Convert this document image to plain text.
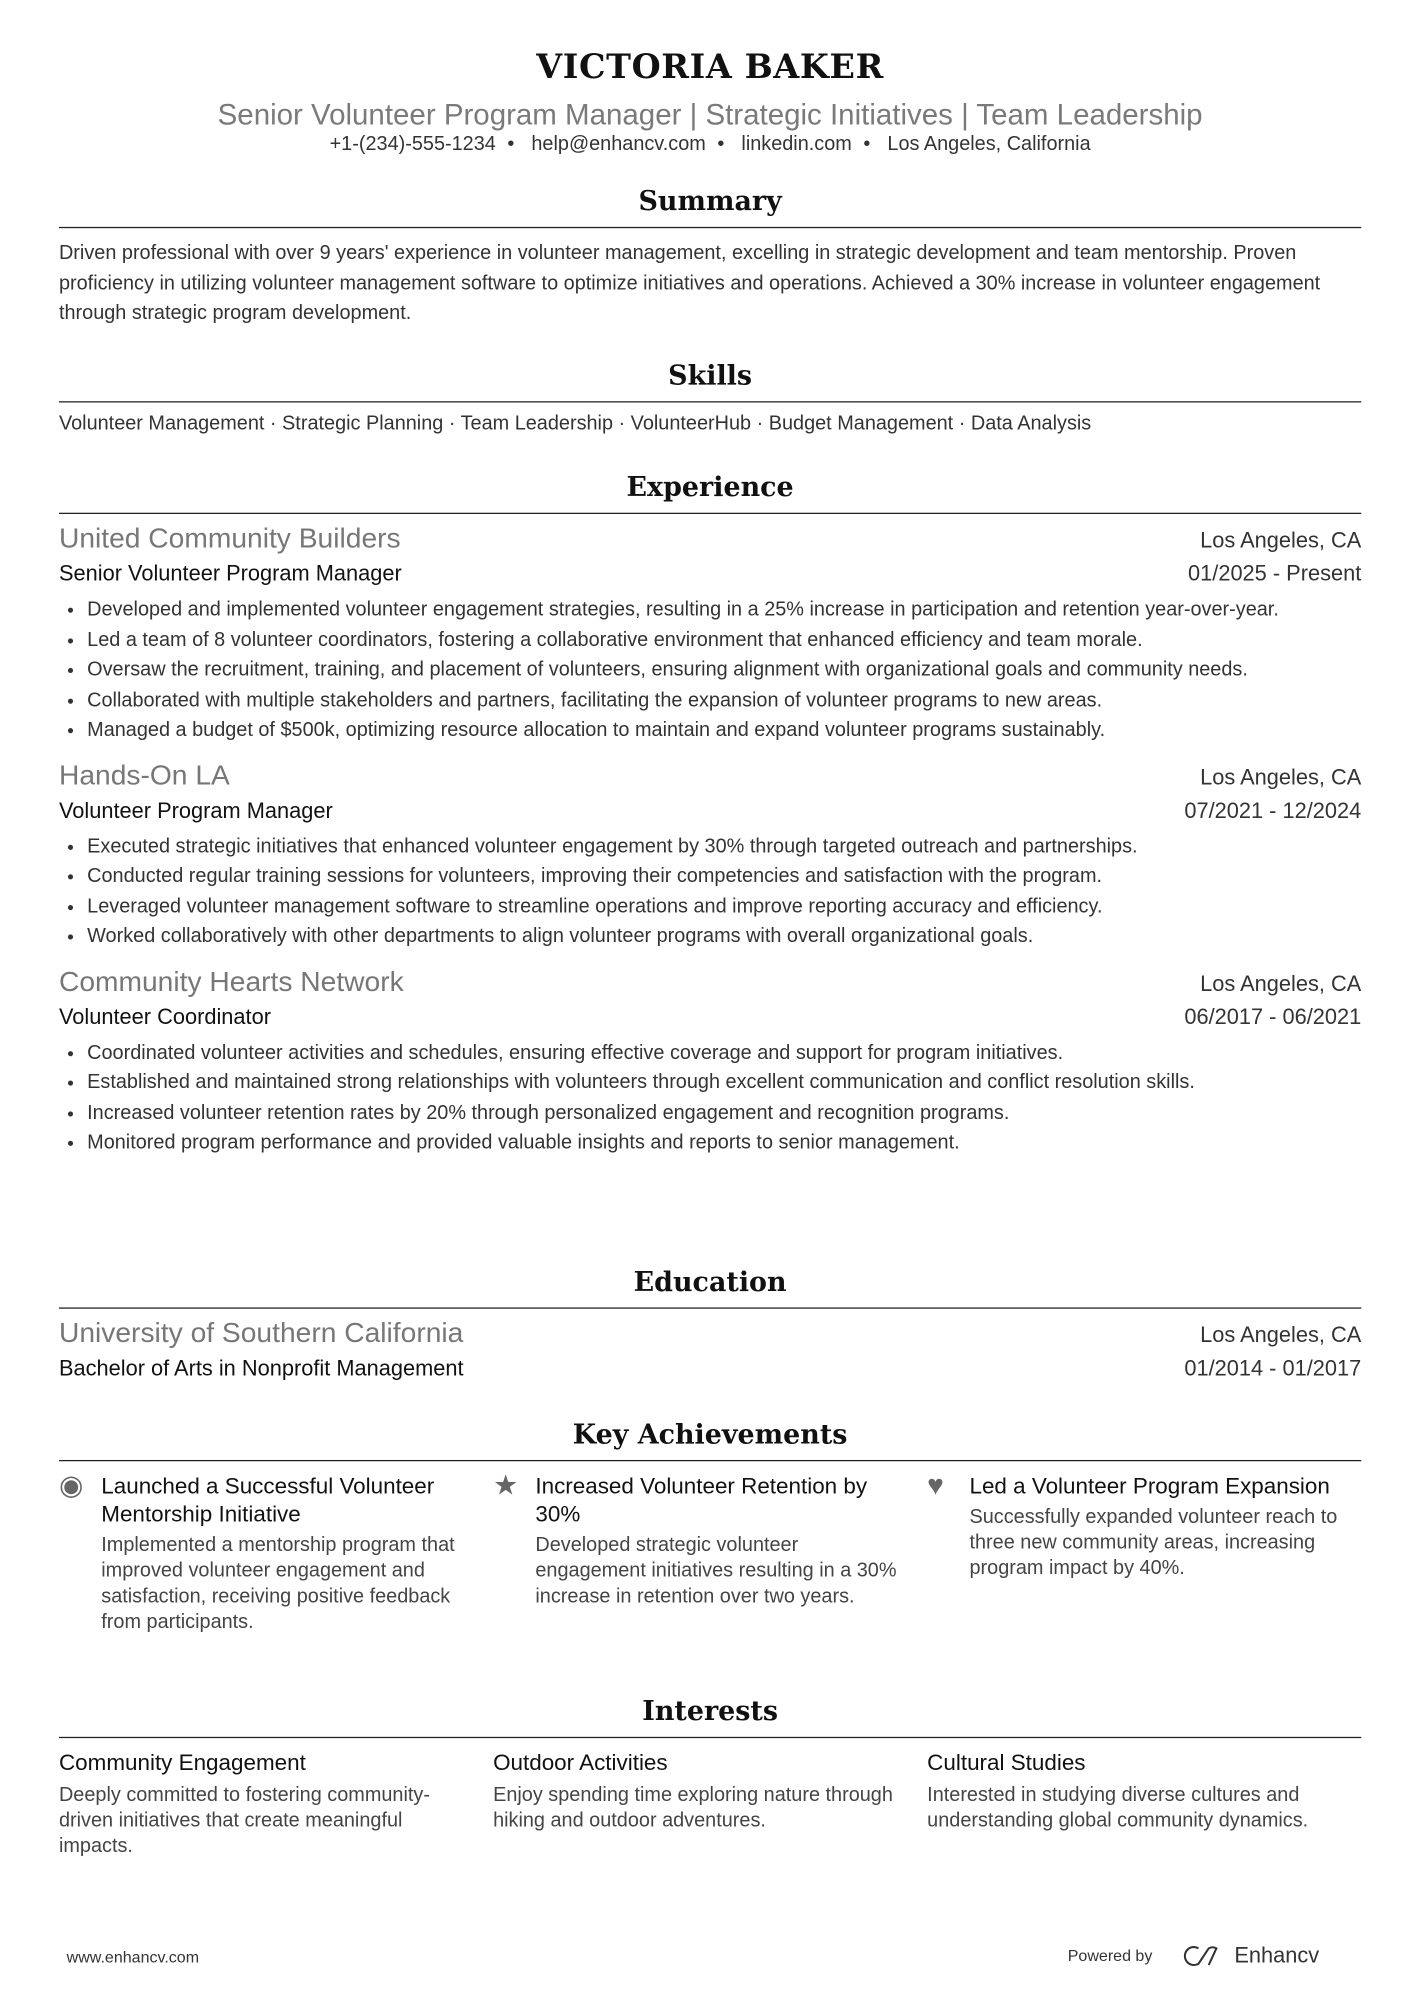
VICTORIA BAKER
Senior Volunteer Program Manager | Strategic Initiatives | Team Leadership
+1-(234)-555-1234 • help@enhancv.com • linkedin.com • Los Angeles, California
Summary
Driven professional with over 9 years' experience in volunteer management, excelling in strategic development and team mentorship. Proven proficiency in utilizing volunteer management software to optimize initiatives and operations. Achieved a 30% increase in volunteer engagement through strategic program development.
Skills
Volunteer Management · Strategic Planning · Team Leadership · VolunteerHub · Budget Management · Data Analysis
Experience
United Community Builders	Los Angeles, CA
Senior Volunteer Program Manager	01/2025 - Present
• Developed and implemented volunteer engagement strategies, resulting in a 25% increase in participation and retention year-over-year.
• Led a team of 8 volunteer coordinators, fostering a collaborative environment that enhanced efficiency and team morale.
• Oversaw the recruitment, training, and placement of volunteers, ensuring alignment with organizational goals and community needs.
• Collaborated with multiple stakeholders and partners, facilitating the expansion of volunteer programs to new areas.
• Managed a budget of $500k, optimizing resource allocation to maintain and expand volunteer programs sustainably.
Hands-On LA	Los Angeles, CA
Volunteer Program Manager	07/2021 - 12/2024
• Executed strategic initiatives that enhanced volunteer engagement by 30% through targeted outreach and partnerships.
• Conducted regular training sessions for volunteers, improving their competencies and satisfaction with the program.
• Leveraged volunteer management software to streamline operations and improve reporting accuracy and efficiency.
• Worked collaboratively with other departments to align volunteer programs with overall organizational goals.
Community Hearts Network	Los Angeles, CA
Volunteer Coordinator	06/2017 - 06/2021
• Coordinated volunteer activities and schedules, ensuring effective coverage and support for program initiatives.
• Established and maintained strong relationships with volunteers through excellent communication and conflict resolution skills.
• Increased volunteer retention rates by 20% through personalized engagement and recognition programs.
• Monitored program performance and provided valuable insights and reports to senior management.
Education
University of Southern California	Los Angeles, CA
Bachelor of Arts in Nonprofit Management	01/2014 - 01/2017
Key Achievements
◉	Launched a Successful Volunteer Mentorship Initiative
Implemented a mentorship program that improved volunteer engagement and satisfaction, receiving positive feedback from participants.
★ Increased Volunteer Retention by 30%
Developed strategic volunteer engagement initiatives resulting in a 30% increase in retention over two years.
♥	Led a Volunteer Program Expansion
Successfully expanded volunteer reach to three new community areas, increasing program impact by 40%.
Interests
Community Engagement
Deeply committed to fostering community-driven initiatives that create meaningful impacts.
Outdoor Activities
Enjoy spending time exploring nature through hiking and outdoor adventures.
Cultural Studies
Interested in studying diverse cultures and understanding global community dynamics.
www.enhancv.com	Powered by	Enhancv
